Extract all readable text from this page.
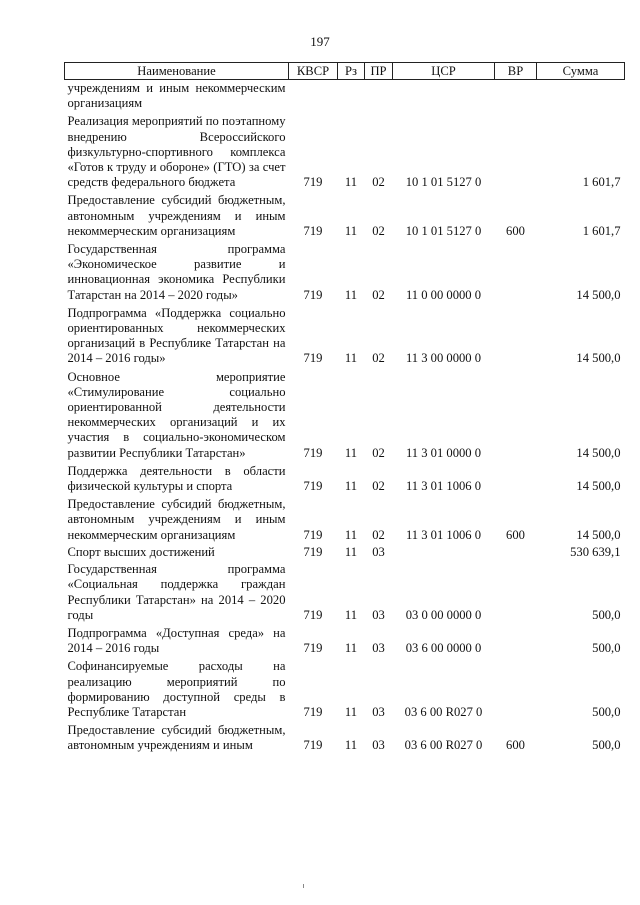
197
Наименование	КВСР	Рз	ПР	ЦСР	ВР	Сумма
учреждениям и иным некоммерческим организациям						
Реализация мероприятий по поэтапному внедрению Всероссийского физкультурно-спортивного комплекса «Готов к труду и обороне» (ГТО) за счет средств федерального бюджета	719	11	02	10 1 01 5127 0		1 601,7
Предоставление субсидий бюджетным, автономным учреждениям и иным некоммерческим организациям	719	11	02	10 1 01 5127 0	600	1 601,7
Государственная программа «Экономическое развитие и инновационная экономика Республики Татарстан на 2014 – 2020 годы»	719	11	02	11 0 00 0000 0		14 500,0
Подпрограмма «Поддержка социально ориентированных некоммерческих организаций в Республике Татарстан на 2014 – 2016 годы»	719	11	02	11 3 00 0000 0		14 500,0
Основное мероприятие «Стимулирование социально ориентированной деятельности некоммерческих организаций и их участия в социально-экономическом развитии Республики Татарстан»	719	11	02	11 3 01 0000 0		14 500,0
Поддержка деятельности в области физической культуры и спорта	719	11	02	11 3 01 1006 0		14 500,0
Предоставление субсидий бюджетным, автономным учреждениям и иным некоммерческим организациям	719	11	02	11 3 01 1006 0	600	14 500,0
Спорт высших достижений	719	11	03			530 639,1
Государственная программа «Социальная поддержка граждан Республики Татарстан» на 2014 – 2020 годы	719	11	03	03 0 00 0000 0		500,0
Подпрограмма «Доступная среда» на 2014 – 2016 годы	719	11	03	03 6 00 0000 0		500,0
Софинансируемые расходы на реализацию мероприятий по формированию доступной среды в Республике Татарстан	719	11	03	03 6 00 R027 0		500,0
Предоставление субсидий бюджетным, автономным учреждениям и иным	719	11	03	03 6 00 R027 0	600	500,0
